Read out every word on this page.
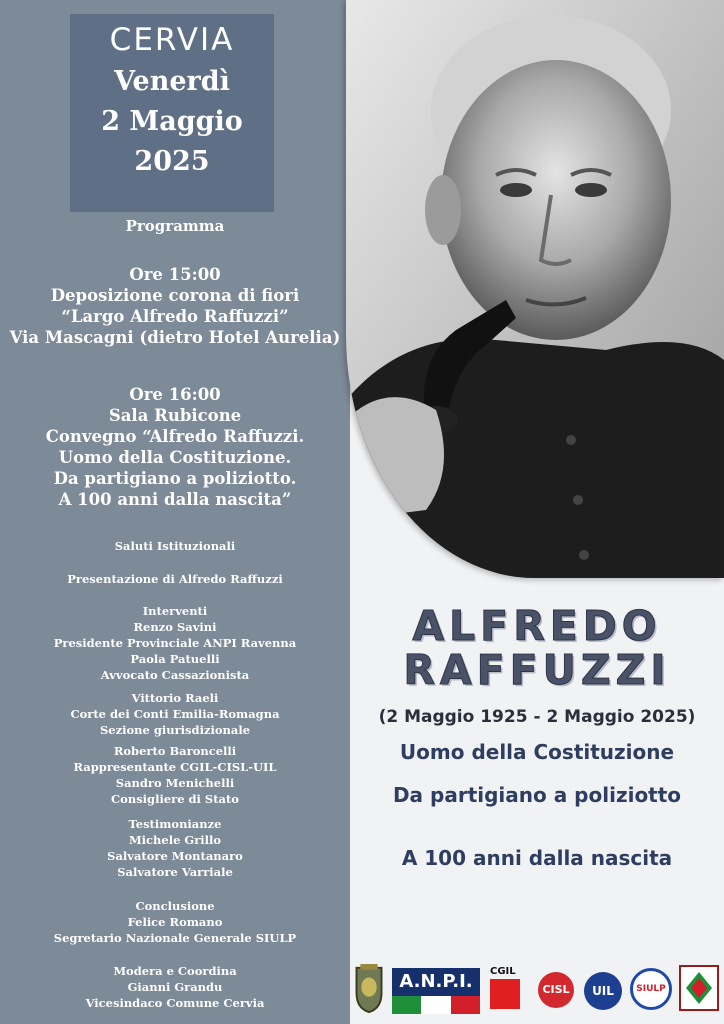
CERVIA
Venerdì
2 Maggio
2025
Programma
Ore 15:00
Deposizione corona di fiori
“Largo Alfredo Raffuzzi”
Via Mascagni (dietro Hotel Aurelia)
Ore 16:00
Sala Rubicone
Convegno “Alfredo Raffuzzi.
Uomo della Costituzione.
Da partigiano a poliziotto.
A 100 anni dalla nascita”
Saluti Istituzionali
Presentazione di Alfredo Raffuzzi
Interventi
Renzo Savini
Presidente Provinciale ANPI Ravenna
Paola Patuelli
Avvocato Cassazionista
Vittorio Raeli
Corte dei Conti Emilia-Romagna
Sezione giurisdizionale
Roberto Baroncelli
Rappresentante CGIL-CISL-UIL
Sandro Menichelli
Consigliere di Stato
Testimonianze
Michele Grillo
Salvatore Montanaro
Salvatore Varriale
Conclusione
Felice Romano
Segretario Nazionale Generale SIULP
Modera e Coordina
Gianni Grandu
Vicesindaco Comune Cervia
ALFREDO
RAFFUZZI
(2 Maggio 1925 - 2 Maggio 2025)
Uomo della Costituzione
Da partigiano a poliziotto
A 100 anni dalla nascita
A.N.P.I.	CGIL
CISL	UIL	SIULP
